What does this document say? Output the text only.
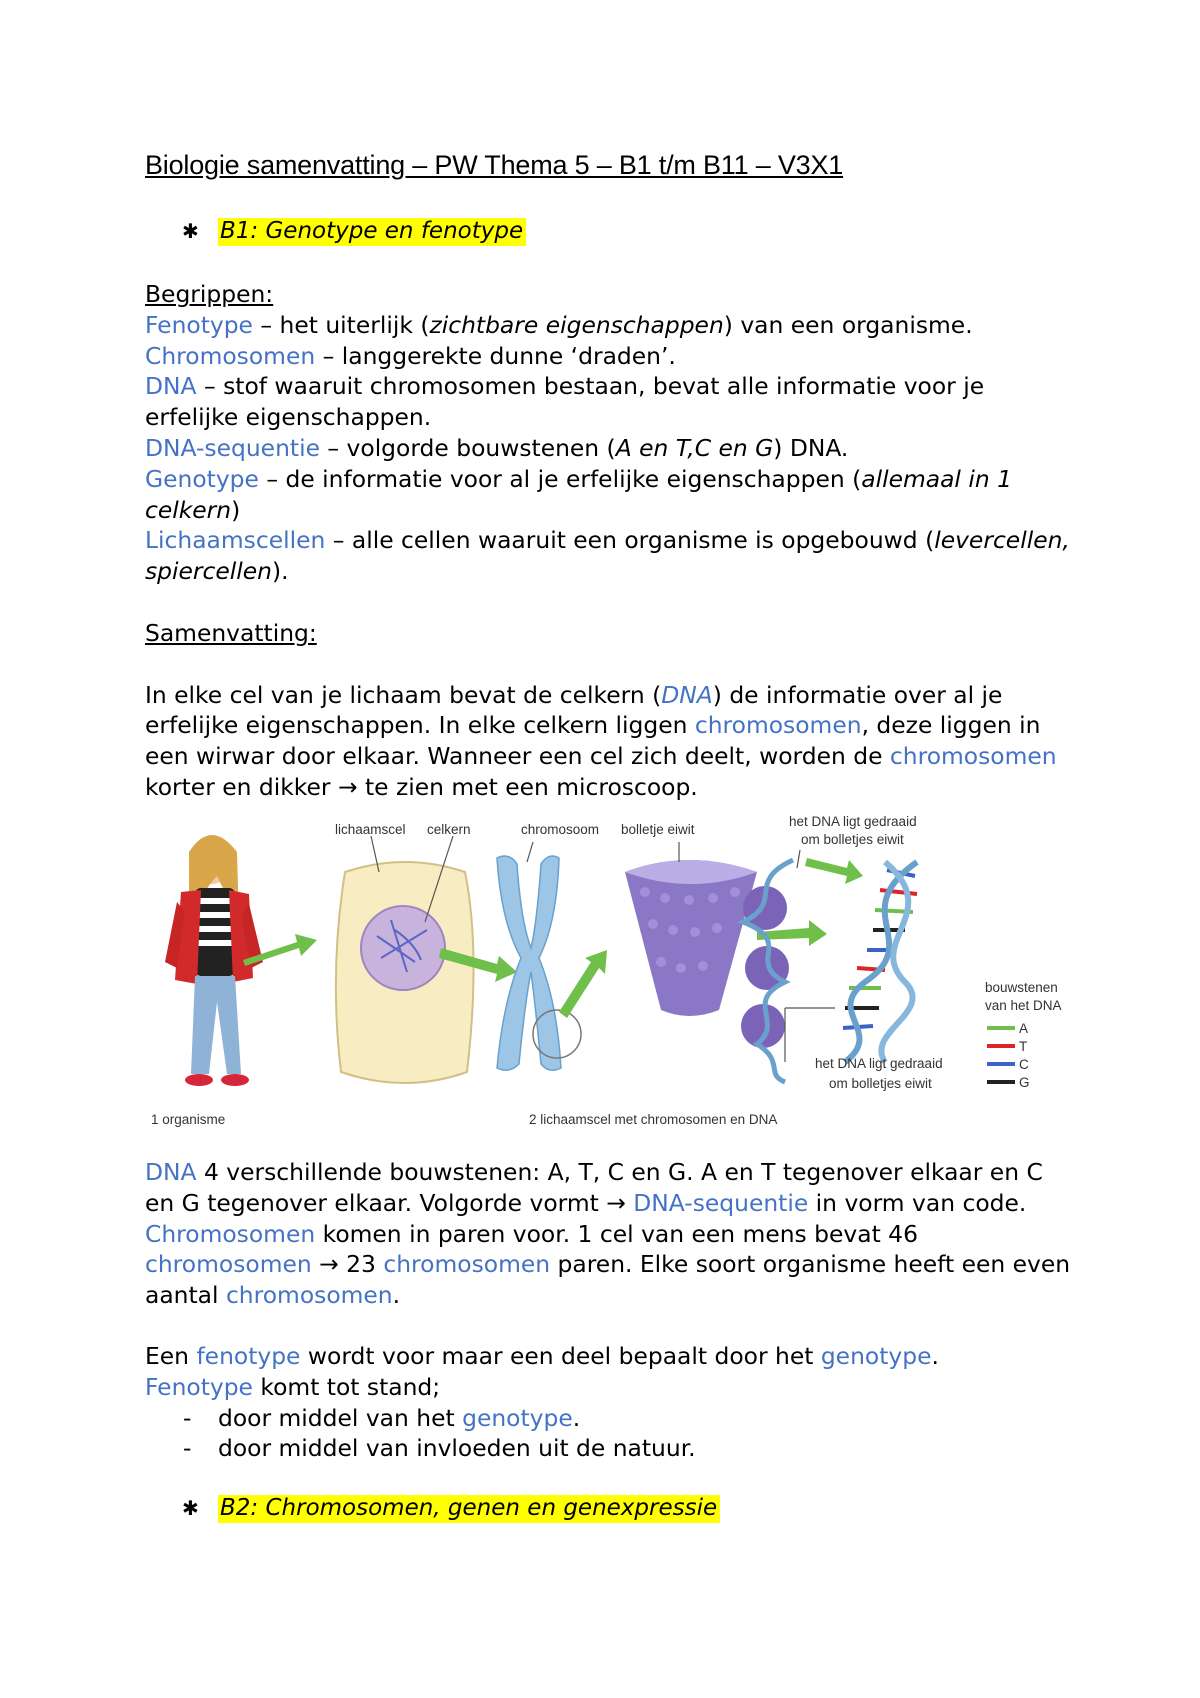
Biologie samenvatting – PW Thema 5 – B1 t/m B11 – V3X1
✱ B1: Genotype en fenotype

Begrippen:

Fenotype – het uiterlijk (zichtbare eigenschappen) van een organisme.

Chromosomen – langgerekte dunne ‘draden’.

DNA – stof waaruit chromosomen bestaan, bevat alle informatie voor je erfelijke eigenschappen.

DNA-sequentie – volgorde bouwstenen (A en T,C en G) DNA.

Genotype – de informatie voor al je erfelijke eigenschappen (allemaal in 1 celkern)

Lichaamscellen – alle cellen waaruit een organisme is opgebouwd (levercellen, spiercellen).

Samenvatting:

In elke cel van je lichaam bevat de celkern (DNA) de informatie over al je erfelijke eigenschappen. In elke celkern liggen chromosomen, deze liggen in een wirwar door elkaar. Wanneer een cel zich deelt, worden de chromosomen korter en dikker → te zien met een microscoop.

lichaamscel celkern	chromosoom bolletje eiwit
het DNA ligt gedraaid
om bolletjes eiwit
het DNA ligt gedraaid
om bolletjes eiwit
bouwstenen
van het DNA
A
T
C
G
1 organisme	2 lichaamscel met chromosomen en DNA

DNA 4 verschillende bouwstenen: A, T, C en G. A en T tegenover elkaar en C en G tegenover elkaar. Volgorde vormt → DNA-sequentie in vorm van code. Chromosomen komen in paren voor. 1 cel van een mens bevat 46 chromosomen → 23 chromosomen paren. Elke soort organisme heeft een even aantal chromosomen.

Een fenotype wordt voor maar een deel bepaalt door het genotype.

Fenotype komt tot stand;

- door middel van het genotype.
- door middel van invloeden uit de natuur.
✱ B2: Chromosomen, genen en genexpressie
